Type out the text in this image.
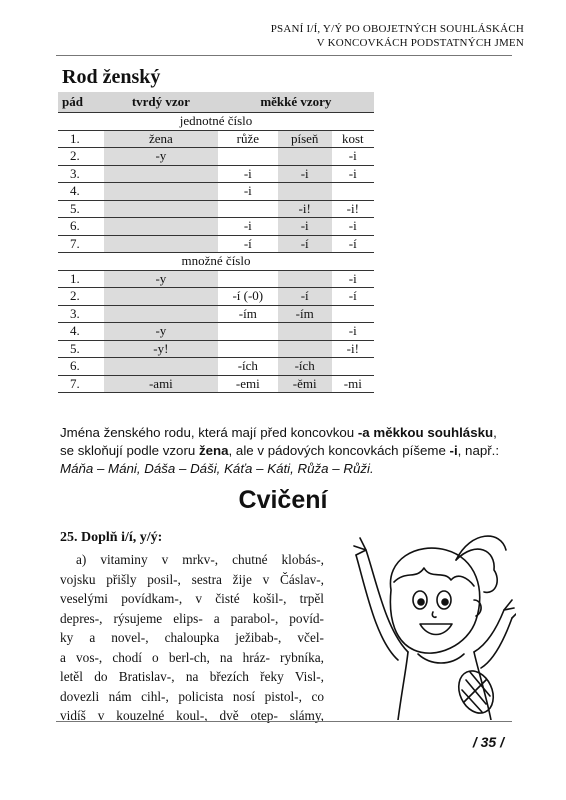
PSANÍ I/Í, Y/Ý PO OBOJETNÝCH SOUHLÁSKÁCH
V KONCOVKÁCH PODSTATNÝCH JMEN
Rod ženský
pád	tvrdý vzor	měkké vzory		
jednotné číslo				
1.	žena	růže	píseň	kost
2.	-y			-i
3.		-i	-i	-i
4.		-i		
5.			-i!	-i!
6.		-i	-i	-i
7.		-í	-í	-í
množné číslo				
1.	-y			-i
2.		-í (-0)	-í	-í
3.		-ím	-ím	
4.	-y			-i
5.	-y!			-i!
6.		-ích	-ích	
7.	-ami	-emi	-ěmi	-mi
Jména ženského rodu, která mají před koncovkou -a měkkou souhlásku, se skloňují podle vzoru žena, ale v pádových koncovkách píšeme -i, např.:
Máňa – Máni, Dáša – Dáši, Káťa – Káti, Růža – Růži.
Cvičení
25. Doplň i/í, y/ý:
a) vitaminy v mrkv-, chutné klobás-,
vojsku přišly posil-, sestra žije v Čáslav-,
veselými povídkam-, v čisté košil-, trpěl
depres-, rýsujeme elips- a parabol-, povíd-
ky a novel-, chaloupka ježibab-, včel-
a vos-, chodí o berl-ch, na hráz- rybníka,
letěl do Bratislav-, na březích řeky Visl-,
dovezli nám cihl-, policista nosí pistol-, co
vidíš v kouzelné koul-, dvě otep- slámy,
/ 35 /
